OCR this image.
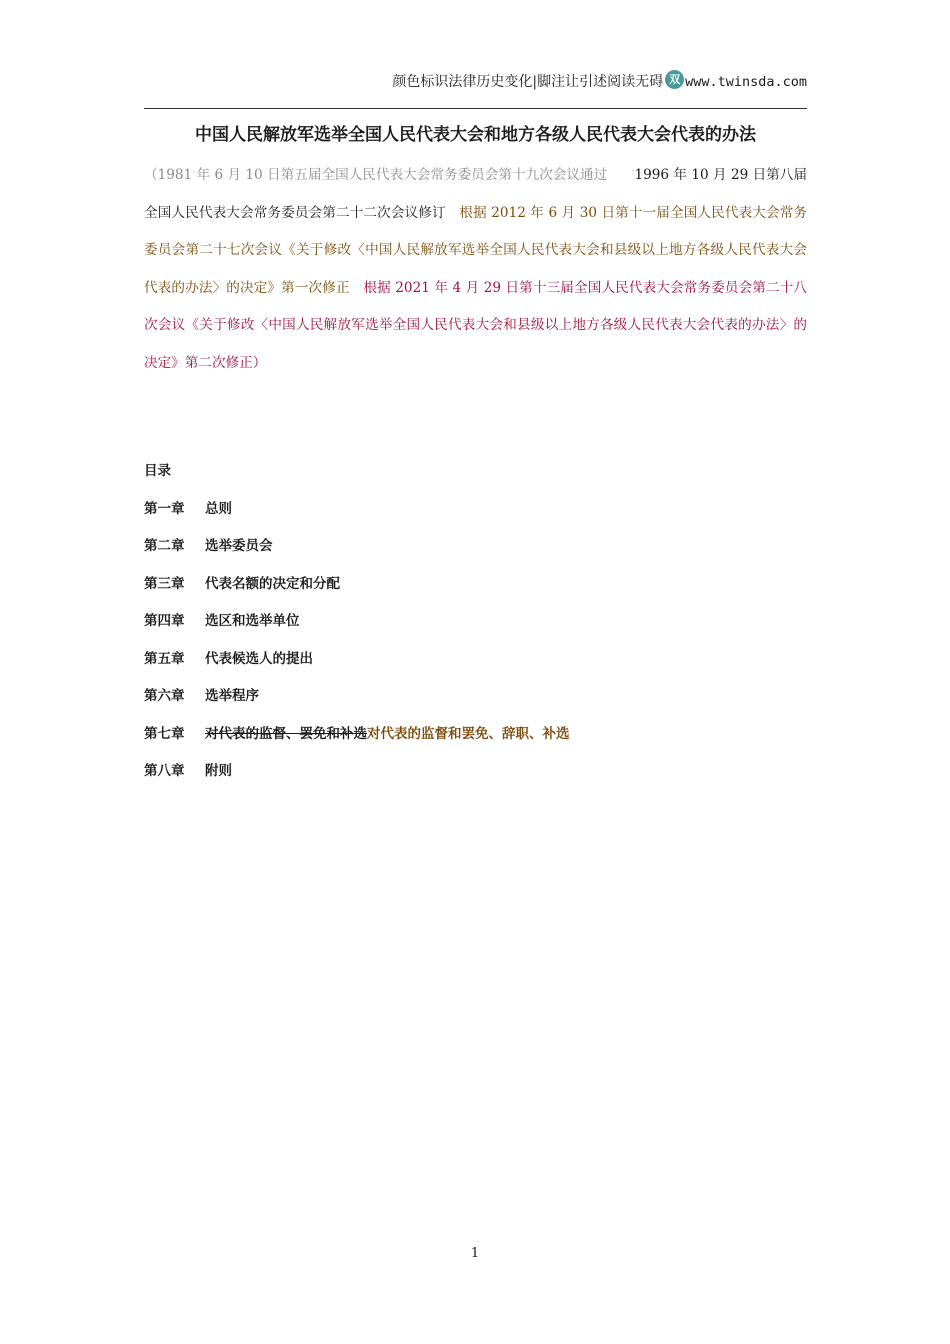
颜色标识法律历史变化|脚注让引述阅读无碍 双 www.twinsda.com
中国人民解放军选举全国人民代表大会和地方各级人民代表大会代表的办法
（1981 年 6 月 10 日第五届全国人民代表大会常务委员会第十九次会议通过　　 1996 年 10 月 29 日第八届全国人民代表大会常务委员会第二十二次会议修订　 根据 2012 年 6 月 30 日第十一届全国人民代表大会常务委员会第二十七次会议《关于修改〈中国人民解放军选举全国人民代表大会和县级以上地方各级人民代表大会代表的办法〉的决定》第一次修正　 根据 2021 年 4 月 29 日第十三届全国人民代表大会常务委员会第二十八次会议《关于修改〈中国人民解放军选举全国人民代表大会和县级以上地方各级人民代表大会代表的办法〉的决定》第二次修正）
目录
第一章 总则
第二章 选举委员会
第三章 代表名额的决定和分配
第四章 选区和选举单位
第五章 代表候选人的提出
第六章 选举程序
第七章 对代表的监督、罢免和补选对代表的监督和罢免、辞职、补选
第八章 附则
1
